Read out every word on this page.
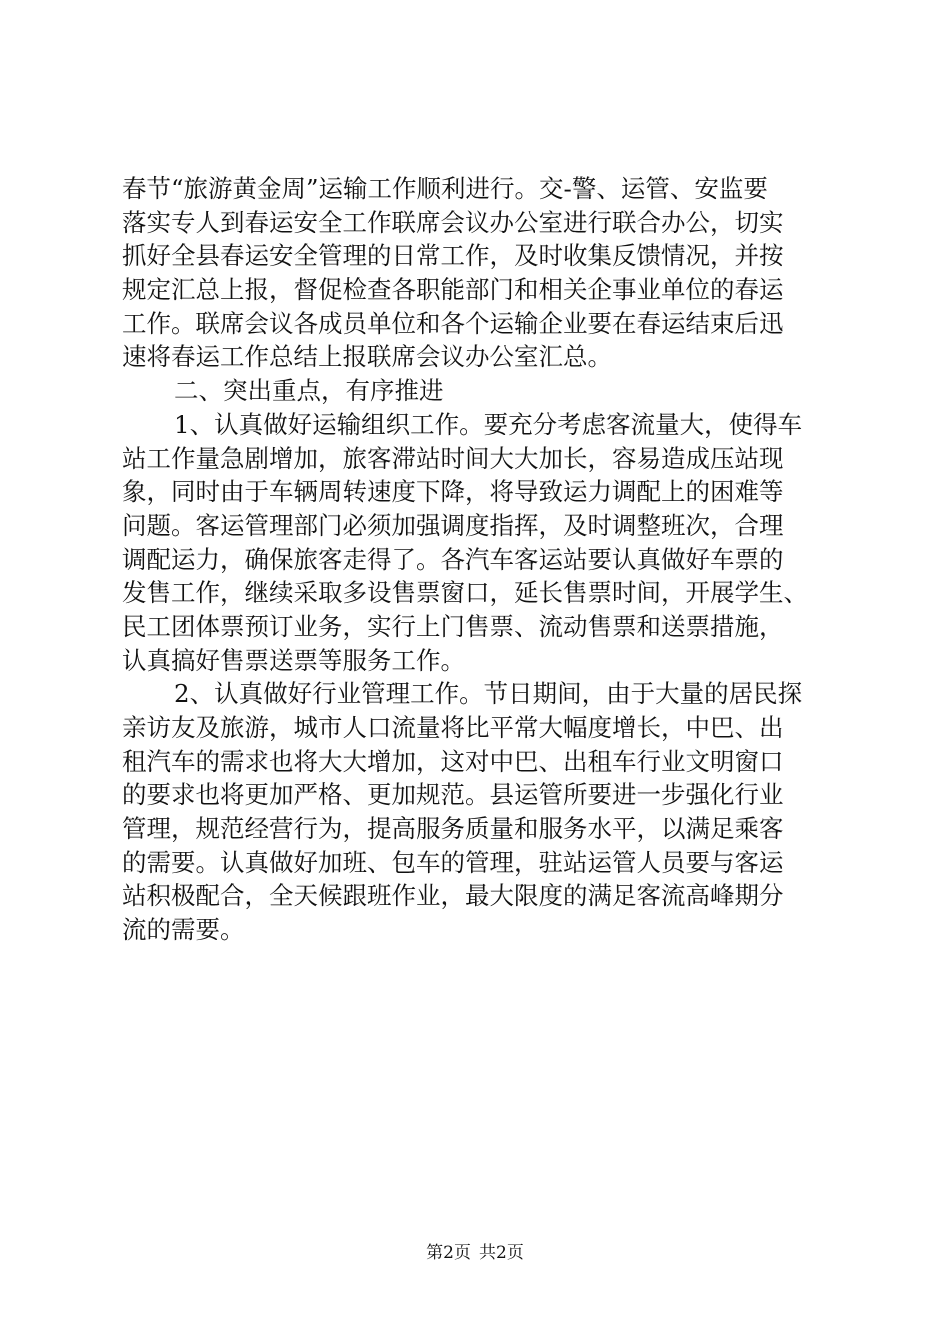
春节“旅游黄金周”运输工作顺利进行。交-警、运管、安监要
落实专人到春运安全工作联席会议办公室进行联合办公，切实
抓好全县春运安全管理的日常工作，及时收集反馈情况，并按
规定汇总上报，督促检查各职能部门和相关企事业单位的春运
工作。联席会议各成员单位和各个运输企业要在春运结束后迅
速将春运工作总结上报联席会议办公室汇总。
二、突出重点，有序推进
1、认真做好运输组织工作。要充分考虑客流量大，使得车
站工作量急剧增加，旅客滞站时间大大加长，容易造成压站现
象，同时由于车辆周转速度下降，将导致运力调配上的困难等
问题。客运管理部门必须加强调度指挥，及时调整班次，合理
调配运力，确保旅客走得了。各汽车客运站要认真做好车票的
发售工作，继续采取多设售票窗口，延长售票时间，开展学生、
民工团体票预订业务，实行上门售票、流动售票和送票措施，
认真搞好售票送票等服务工作。
2、认真做好行业管理工作。节日期间，由于大量的居民探
亲访友及旅游，城市人口流量将比平常大幅度增长，中巴、出
租汽车的需求也将大大增加，这对中巴、出租车行业文明窗口
的要求也将更加严格、更加规范。县运管所要进一步强化行业
管理，规范经营行为，提高服务质量和服务水平，以满足乘客
的需要。认真做好加班、包车的管理，驻站运管人员要与客运
站积极配合，全天候跟班作业，最大限度的满足客流高峰期分
流的需要。
第2页 共2页
